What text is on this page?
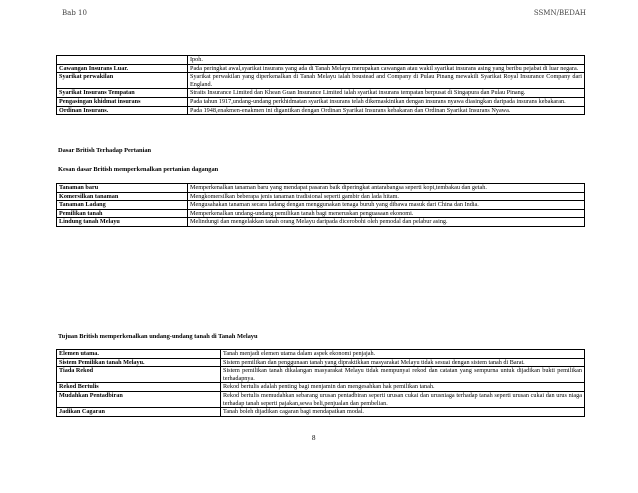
Bab 10	SSMN/BEDAH
	Ipoh.
Cawangan Insurans Luar.	Pada peringkat awal,syarikat insurans yang ada di Tanah Melayu merupakan cawangan atau wakil syarikat insurans asing yang beribu pejabat di luar negara.
Syarikat perwakilan	Syarikat perwakilan yang diperkenalkan di Tanah Melayu ialah boustead and Company di Pulau Pinang mewakili Syarikat Royal Insurance Company dari England.
Syarikat Insurans Tempatan	Straits Insurance Limited dan Khean Guan Insurance Limited ialah syarikat insurans tempatan berpusat di Singapura dan Pulau Pinang.
Pengasingan khidmat insurans	Pada tahun 1917,undang-undang perkhidmatan syarikat insurans telah dikemaskinikan dengan insurans nyawa diasingkan daripada insurans kebakaran.
Ordinan Insurans.	Pada 1948,enakmen-enakmen ini digantikan dengan Ordinan Syarikat Insurans kebakaran dan Ordinan Syarikat Insurans Nyawa.
Dasar British Terhadap Pertanian
Kesan dasar British memperkenalkan pertanian dagangan
Tanaman baru	Memperkenalkan tanaman baru yang mendapat pasaran baik diperingkat antarabangsa seperti kopi,tembakau dan getah.
Komersilkan tanaman	Mengkomersilkan beberapa jenis tanaman tradisional seperti gambir dan lada hitam.
Tanaman Ladang	Mengusahakan tanaman secara ladang dengan menggunakan tenaga buruh yang dibawa masuk dari China dan India.
Pemilikan tanah	Memperkenalkan undang-undang pemilikan tanah bagi meneruskan penguasaan ekonomi.
Lindung tanah Melayu	Melindungi dan mengelakkan tanah orang Melayu daripada dicerobohi oleh pemodal dan pelabur asing.
Tujuan British memperkenalkan undang-undang tanah di Tanah Melayu
Elemen utama.	Tanah menjadi elemen utama dalam aspek ekonomi penjajah.
Sistem Pemilikan tanah Melayu.	Sistem pemilikan dan penggunaan tanah yang dipraktikkan masyarakat Melayu tidak sesuai dengan sistem tanah di Barat.
Tiada Rekod	Sistem pemilikan tanah dikalangan masyarakat Melayu tidak mempunyai rekod dan catatan yang sempurna untuk dijadikan bukti pemilikan terhadapnya.
Rekod Bertulis	Rekod bertulis adalah penting bagi menjamin dan mengesahkan hak pemilikan tanah.
Mudahkan Pentadbiran	Rekod bertulis memudahkan sebarang urusan pentadbiran seperti urusan cukai dan urusniaga terhadap tanah seperti urusan cukai dan urus niaga terhadap tanah seperti pajakan,sewa beli,penjualan dan pembelian.
Jadikan Cagaran	Tanah boleh dijadikan cagaran bagi mendapatkan modal.
8
